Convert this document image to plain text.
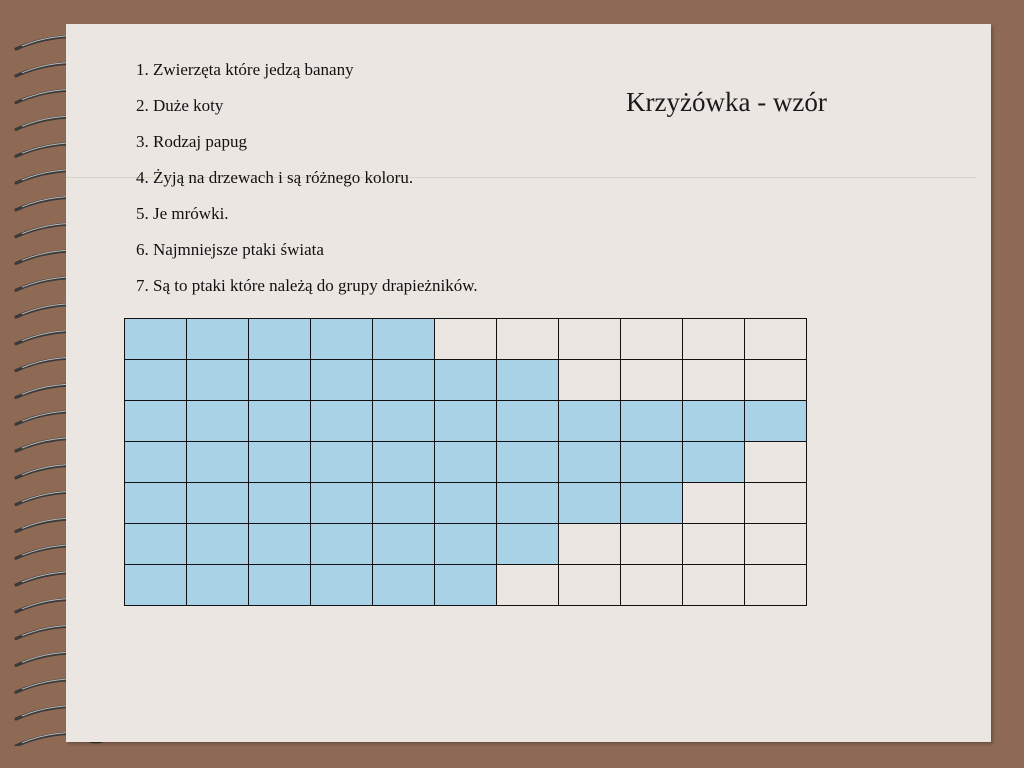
1. Zwierzęta które jedzą banany
2. Duże koty
3. Rodzaj papug
4. Żyją na drzewach i są różnego koloru.
5. Je mrówki.
6. Najmniejsze ptaki świata
7. Są to ptaki które należą do grupy drapieżników.
Krzyżówka - wzór
